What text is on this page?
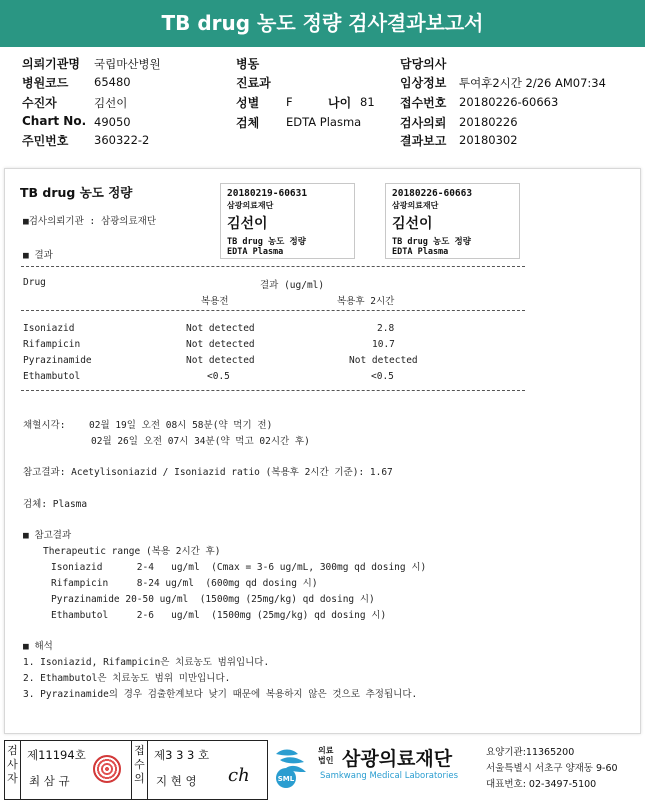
TB drug 농도 정량 검사결과보고서
의뢰기관명 국립마산병원
병원코드 65480
수진자	김선이
Chart No. 49050
주민번호 360322-2
병동
진료과
성별 F	나이 81
검체 EDTA Plasma
담당의사
임상정보 투여후2시간 2/26 AM07:34
접수번호 20180226-60663
검사의뢰 20180226
결과보고 20180302
TB drug 농도 정량
■검사의뢰기관 : 삼광의료재단
20180219-60631
삼광의료재단
김선이
TB drug 농도 정량
EDTA Plasma
20180226-60663
삼광의료재단
김선이
TB drug 농도 정량
EDTA Plasma
■ 결과
Drug	결과 (ug/ml)
복용전	복용후 2시간
Isoniazid	Not detected	2.8
Rifampicin	Not detected	10.7
Pyrazinamide	Not detected	Not detected
Ethambutol	<0.5	<0.5
채혈시각: 02월 19일 오전 08시 58분(약 먹기 전)
02월 26일 오전 07시 34분(약 먹고 02시간 후)
참고결과: Acetylisoniazid / Isoniazid ratio (복용후 2시간 기준): 1.67
검체: Plasma
■ 참고결과
Therapeutic range (복용 2시간 후)
Isoniazid      2-4   ug/ml  (Cmax = 3-6 ug/mL, 300mg qd dosing 시)
Rifampicin     8-24 ug/ml  (600mg qd dosing 시)
Pyrazinamide 20-50 ug/ml  (1500mg (25mg/kg) qd dosing 시)
Ethambutol     2-6   ug/ml  (1500mg (25mg/kg) qd dosing 시)
■ 해석
1. Isoniazid, Rifampicin은 치료농도 범위입니다.
2. Ethambutol은 치료농도 범위 미만입니다.
3. Pyrazinamide의 경우 검출한계보다 낮기 때문에 복용하지 않은 것으로 추정됩니다.
검사자
제11194호
최 삼 규
접수의
제3 3 3 호
지 현 영 ch	SML
의료법인 삼광의료재단
Samkwang Medical Laboratories
요양기관:11365200
서울특별시 서초구 양재동 9-60
대표번호: 02-3497-5100
